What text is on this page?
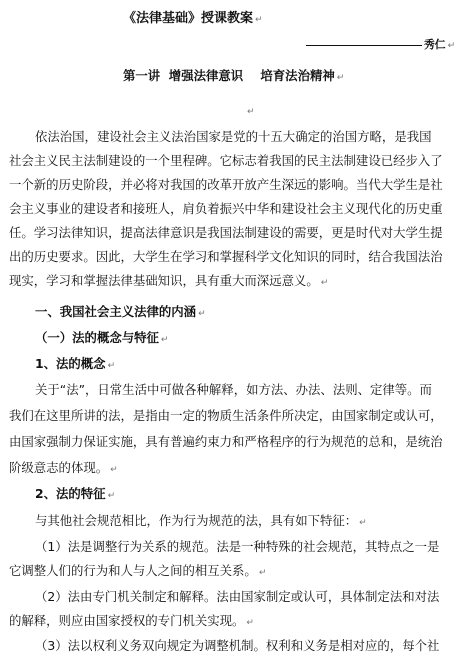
《法律基础》授课教案 ↵
秀仁 ↵
第一讲  增强法律意识    培育法治精神 ↵
↵
依法治国，建设社会主义法治国家是党的十五大确定的治国方略，是我国
社会主义民主法制建设的一个里程碑。它标志着我国的民主法制建设已经步入了
一个新的历史阶段，并必将对我国的改革开放产生深远的影响。当代大学生是社
会主义事业的建设者和接班人，肩负着振兴中华和建设社会主义现代化的历史重
任。学习法律知识，提高法律意识是我国法制建设的需要，更是时代对大学生提
出的历史要求。因此，大学生在学习和掌握科学文化知识的同时，结合我国法治
现实，学习和掌握法律基础知识，具有重大而深远意义。 ↵
一、我国社会主义法律的内涵 ↵
（一）法的概念与特征 ↵
1、法的概念 ↵
关于“法”，日常生活中可做各种解释，如方法、办法、法则、定律等。而
我们在这里所讲的法，是指由一定的物质生活条件所决定，由国家制定或认可，
由国家强制力保证实施，具有普遍约束力和严格程序的行为规范的总和，是统治
阶级意志的体现。 ↵
2、法的特征 ↵
与其他社会规范相比，作为行为规范的法，具有如下特征： ↵
（1）法是调整行为关系的规范。法是一种特殊的社会规范，其特点之一是
它调整人们的行为和人与人之间的相互关系。 ↵
（2）法由专门机关制定和解释。法由国家制定或认可，具体制定法和对法
的解释，则应由国家授权的专门机关实现。 ↵
（3）法以权利义务双向规定为调整机制。权利和义务是相对应的，每个社
